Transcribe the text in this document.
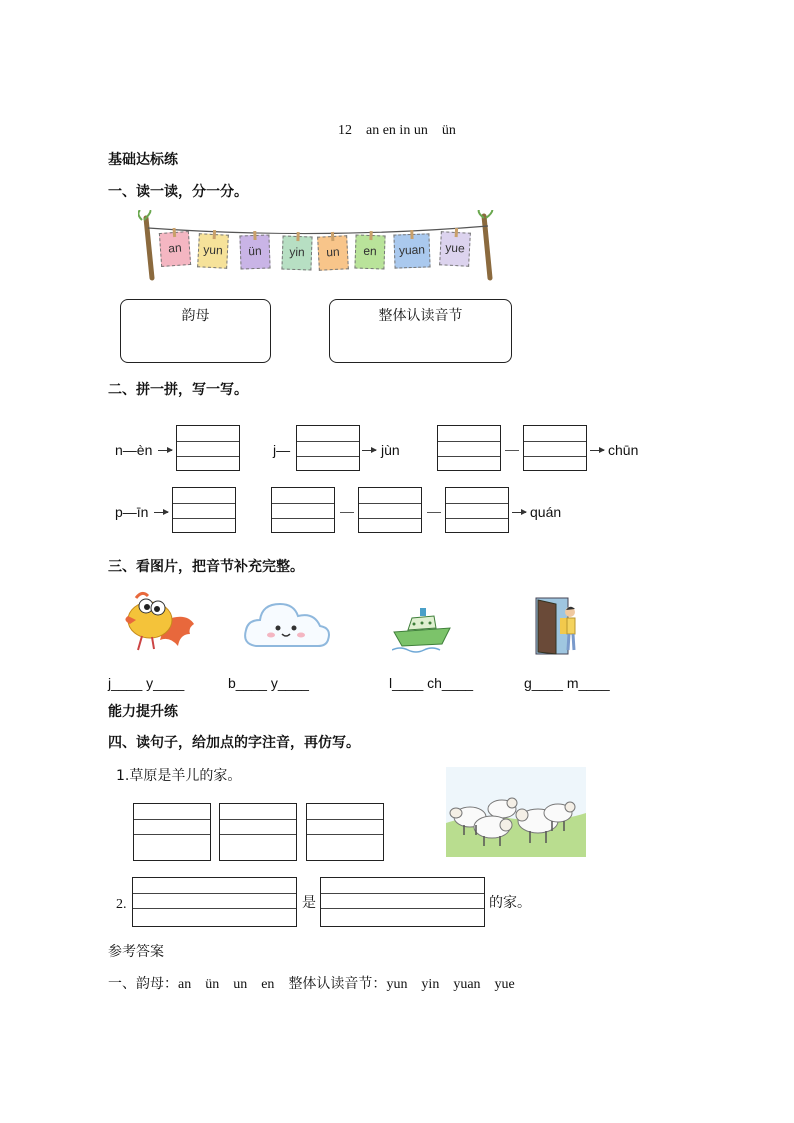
12　an en in un　ün
基础达标练
一、读一读，分一分。
an	yun	ün	yin	un	en	yuan	yue
韵母	整体认读音节
二、拼一拼，写一写。
n—èn	j—	jùn	chūn
p—īn	quán
三、看图片，把音节补充完整。
j____ y____	b____ y____	l____ ch____	g____ m____
能力提升练
四、读句子，给加点的字注音，再仿写。
1.草原是羊儿的家。
2.	是	的家。
参考答案
一、韵母：an　ün　un　en　 整体认读音节：yun　yin　yuan　yue
